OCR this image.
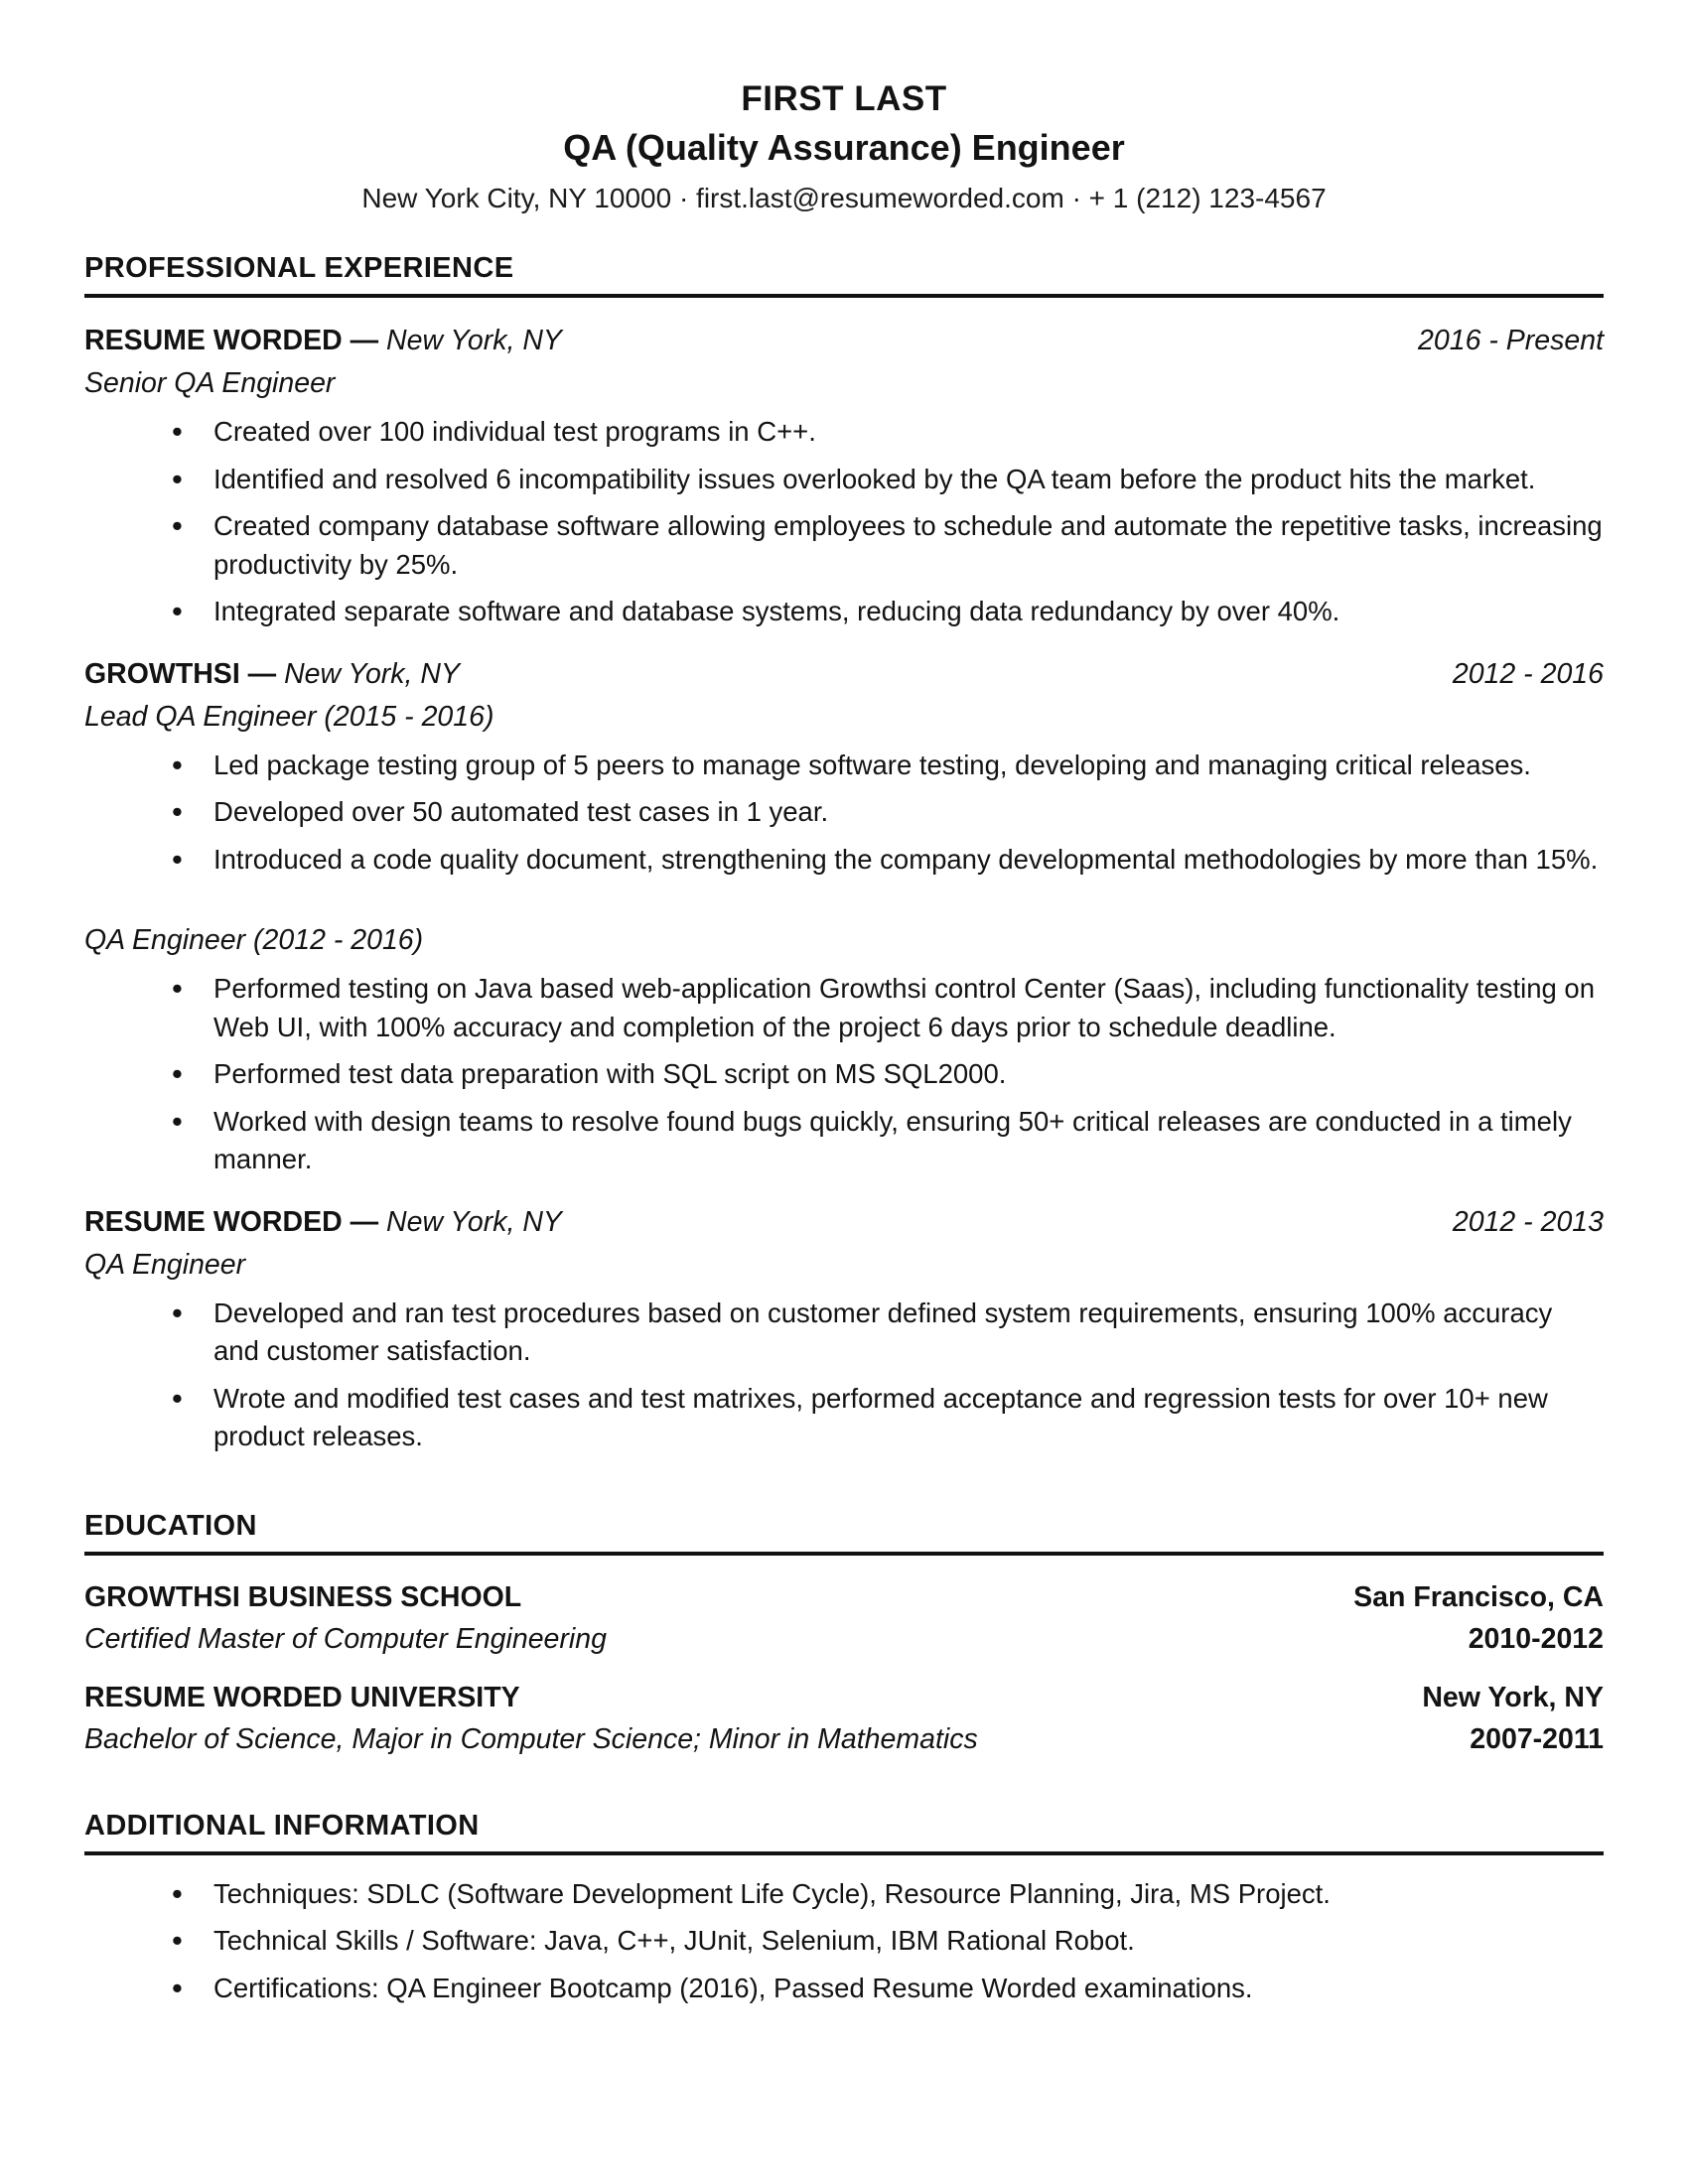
FIRST LAST
QA (Quality Assurance) Engineer

New York City, NY 10000 · first.last@resumeworded.com · + 1 (212) 123-4567

PROFESSIONAL EXPERIENCE
RESUME WORDED — New York, NY	2016 - Present
Senior QA Engineer
• Created over 100 individual test programs in C++.
• Identified and resolved 6 incompatibility issues overlooked by the QA team before the product hits the market.
• Created company database software allowing employees to schedule and automate the repetitive tasks, increasing productivity by 25%.
• Integrated separate software and database systems, reducing data redundancy by over 40%.
GROWTHSI — New York, NY	2012 - 2016
Lead QA Engineer (2015 - 2016)
• Led package testing group of 5 peers to manage software testing, developing and managing critical releases.
• Developed over 50 automated test cases in 1 year.
• Introduced a code quality document, strengthening the company developmental methodologies by more than 15%.
QA Engineer (2012 - 2016)
• Performed testing on Java based web-application Growthsi control Center (Saas), including functionality testing on Web UI, with 100% accuracy and completion of the project 6 days prior to schedule deadline.
• Performed test data preparation with SQL script on MS SQL2000.
• Worked with design teams to resolve found bugs quickly, ensuring 50+ critical releases are conducted in a timely manner.
RESUME WORDED — New York, NY	2012 - 2013
QA Engineer
• Developed and ran test procedures based on customer defined system requirements, ensuring 100% accuracy and customer satisfaction.
• Wrote and modified test cases and test matrixes, performed acceptance and regression tests for over 10+ new product releases.
EDUCATION
GROWTHSI BUSINESS SCHOOL	San Francisco, CA
Certified Master of Computer Engineering	2010-2012
RESUME WORDED UNIVERSITY	New York, NY
Bachelor of Science, Major in Computer Science; Minor in Mathematics	2007-2011
ADDITIONAL INFORMATION
• Techniques: SDLC (Software Development Life Cycle), Resource Planning, Jira, MS Project.
• Technical Skills / Software: Java, C++, JUnit, Selenium, IBM Rational Robot.
• Certifications: QA Engineer Bootcamp (2016), Passed Resume Worded examinations.
